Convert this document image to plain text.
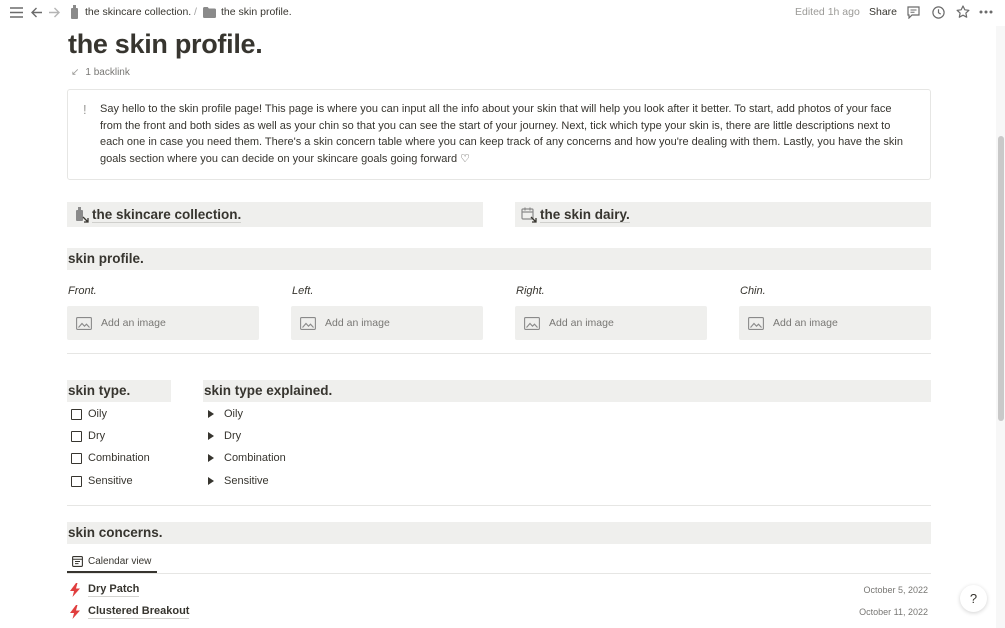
the skincare collection. / the skin profile.	Edited 1h ago Share
the skin profile.
↙ 1 backlink
! Say hello to the skin profile page! This page is where you can input all the info about your skin that will help you look after it better. To start, add photos of your face from the front and both sides as well as your chin so that you can see the start of your journey. Next, tick which type your skin is, there are little descriptions next to each one in case you need them. There's a skin concern table where you can keep track of any concerns and how you're dealing with them. Lastly, you have the skin goals section where you can decide on your skincare goals going forward ♡
the skincare collection.	the skin dairy.
skin profile.
Front.	Left.	Right.	Chin.
Add an image	Add an image	Add an image	Add an image
skin type.	skin type explained.
Oily
Dry
Combination
Sensitive
Oily
Dry
Combination
Sensitive
skin concerns.
Calendar view
Dry Patch	October 5, 2022
Clustered Breakout	October 11, 2022
?
